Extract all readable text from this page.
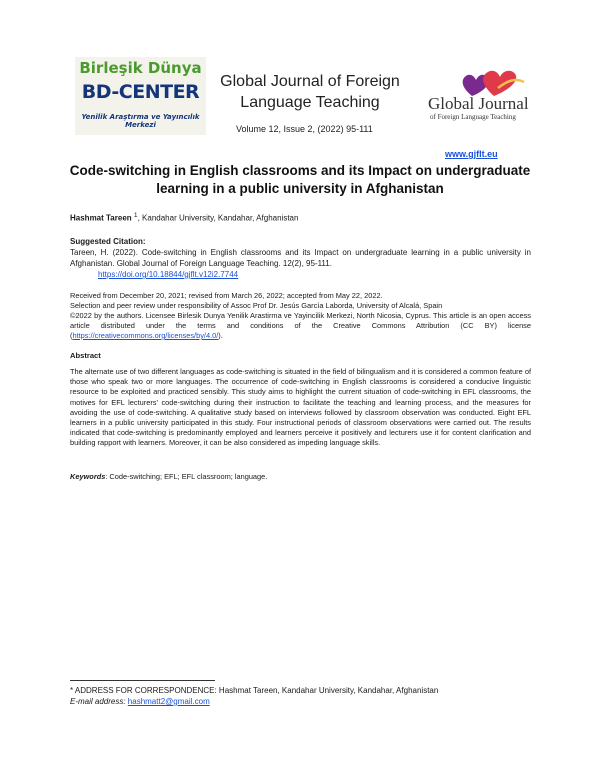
Birleşik Dünya
BD-CENTER
Yenilik Araştırma ve Yayıncılık Merkezi
Global Journal of Foreign Language Teaching
Volume 12, Issue 2, (2022) 95-111
Global Journal
of Foreign Language Teaching
www.gjflt.eu
Code-switching in English classrooms and its Impact on undergraduate learning in a public university in Afghanistan
Hashmat Tareen $^1$, Kandahar University, Kandahar, Afghanistan
Suggested Citation:
Tareen, H. (2022). Code-switching in English classrooms and its Impact on undergraduate learning in a public university in Afghanistan. Global Journal of Foreign Language Teaching. 12(2), 95-111.
https://doi.org/10.18844/gjflt.v12i2.7744
Received from December 20, 2021; revised from March 26, 2022; accepted from May 22, 2022.
Selection and peer review under responsibility of Assoc Prof Dr. Jesús García Laborda, University of Alcalá, Spain
©2022 by the authors. Licensee Birlesik Dunya Yenilik Arastirma ve Yayincilik Merkezi, North Nicosia, Cyprus. This article is an open access article distributed under the terms and conditions of the Creative Commons Attribution (CC BY) license (https://creativecommons.org/licenses/by/4.0/).
Abstract
The alternate use of two different languages as code-switching is situated in the field of bilingualism and it is considered a common feature of those who speak two or more languages. The occurrence of code-switching in English classrooms is considered a conducive linguistic resource to be exploited and practiced sensibly. This study aims to highlight the current situation of code-switching in EFL classrooms, the motives for EFL lecturers' code-switching during their instruction to facilitate the teaching and learning process, and the measures for avoiding the use of code-switching. A qualitative study based on interviews followed by classroom observation was conducted. Eight EFL learners in a public university participated in this study. Four instructional periods of classroom observations were carried out. The results indicated that code-switching is predominantly employed and learners perceive it positively and lecturers use it for content clarification and building rapport with learners. Moreover, it can be also considered as impeding language skills.
Keywords: Code-switching; EFL; EFL classroom; language.
* ADDRESS FOR CORRESPONDENCE: Hashmat Tareen, Kandahar University, Kandahar, Afghanistan
E-mail address: hashmatt2@gmail.com
